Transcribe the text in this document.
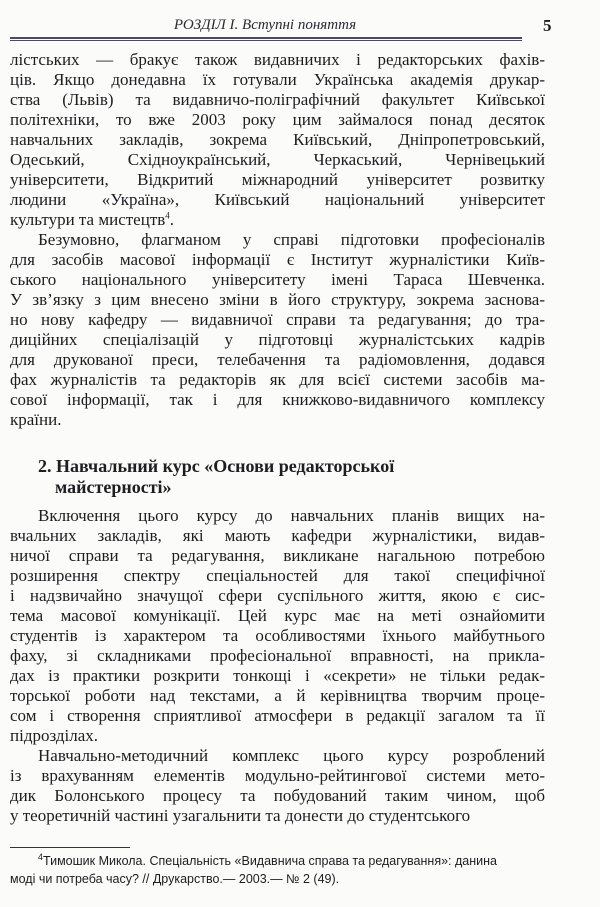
РОЗДІЛ І. Вступні поняття	5
лістських — бракує також видавничих і редакторських фахів-
ців. Якщо донедавна їх готували Українська академія друкар-
ства (Львів) та видавничо-поліграфічний факультет Київської
політехніки, то вже 2003 року цим займалося понад десяток
навчальних закладів, зокрема Київський, Дніпропетровський,
Одеський, Східноукраїнський, Черкаський, Чернівецький
університети, Відкритий міжнародний університет розвитку
людини «Україна», Київський національний університет
культури та мистецтв$^4$.
Безумовно, флагманом у справі підготовки професіоналів
для засобів масової інформації є Інститут журналістики Київ-
ського національного університету імені Тараса Шевченка.
У зв’язку з цим внесено зміни в його структуру, зокрема заснова-
но нову кафедру — видавничої справи та редагування; до тра-
диційних спеціалізацій у підготовці журналістських кадрів
для друкованої преси, телебачення та радіомовлення, додався
фах журналістів та редакторів як для всієї системи засобів ма-
сової інформації, так і для книжково-видавничого комплексу
країни.
2. Навчальний курс «Основи редакторської
майстерності»
Включення цього курсу до навчальних планів вищих на-
вчальних закладів, які мають кафедри журналістики, видав-
ничої справи та редагування, викликане нагальною потребою
розширення спектру спеціальностей для такої специфічної
і надзвичайно значущої сфери суспільного життя, якою є сис-
тема масової комунікації. Цей курс має на меті ознайомити
студентів із характером та особливостями їхнього майбутнього
фаху, зі складниками професіональної вправності, на прикла-
дах із практики розкрити тонкощі і «секрети» не тільки редак-
торської роботи над текстами, а й керівництва творчим проце-
сом і створення сприятливої атмосфери в редакції загалом та її
підрозділах.
Навчально-методичний комплекс цього курсу розроблений
із врахуванням елементів модульно-рейтингової системи мето-
дик Болонського процесу та побудований таким чином, щоб
у теоретичній частині узагальнити та донести до студентського
$^4$Тимошик Микола. Спеціальність «Видавнича справа та редагування»: данина
моді чи потреба часу? // Друкарство.— 2003.— № 2 (49).
